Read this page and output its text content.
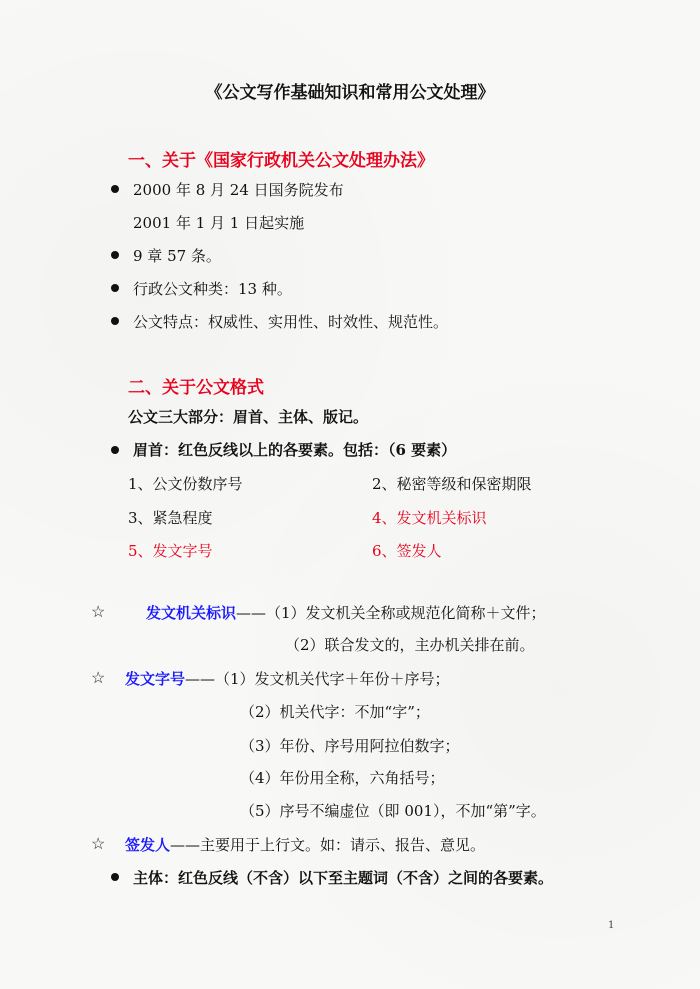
《公文写作基础知识和常用公文处理》
一、关于《国家行政机关公文处理办法》
2000 年 8 月 24 日国务院发布
2001 年 1 月 1 日起实施
9 章 57 条。
行政公文种类：13 种。
公文特点：权威性、实用性、时效性、规范性。
二、关于公文格式
公文三大部分：眉首、主体、版记。
眉首：红色反线以上的各要素。包括：（6 要素）
1、公文份数序号	2、秘密等级和保密期限
3、紧急程度	4、发文机关标识
5、发文字号	6、签发人
☆	发文机关标识——（1）发文机关全称或规范化简称＋文件；
（2）联合发文的，主办机关排在前。
☆ 发文字号——（1）发文机关代字＋年份＋序号；
（2）机关代字：不加“字”；
（3）年份、序号用阿拉伯数字；
（4）年份用全称，六角括号；
（5）序号不编虚位（即 001），不加“第”字。
☆ 签发人——主要用于上行文。如：请示、报告、意见。
主体：红色反线（不含）以下至主题词（不含）之间的各要素。
1
